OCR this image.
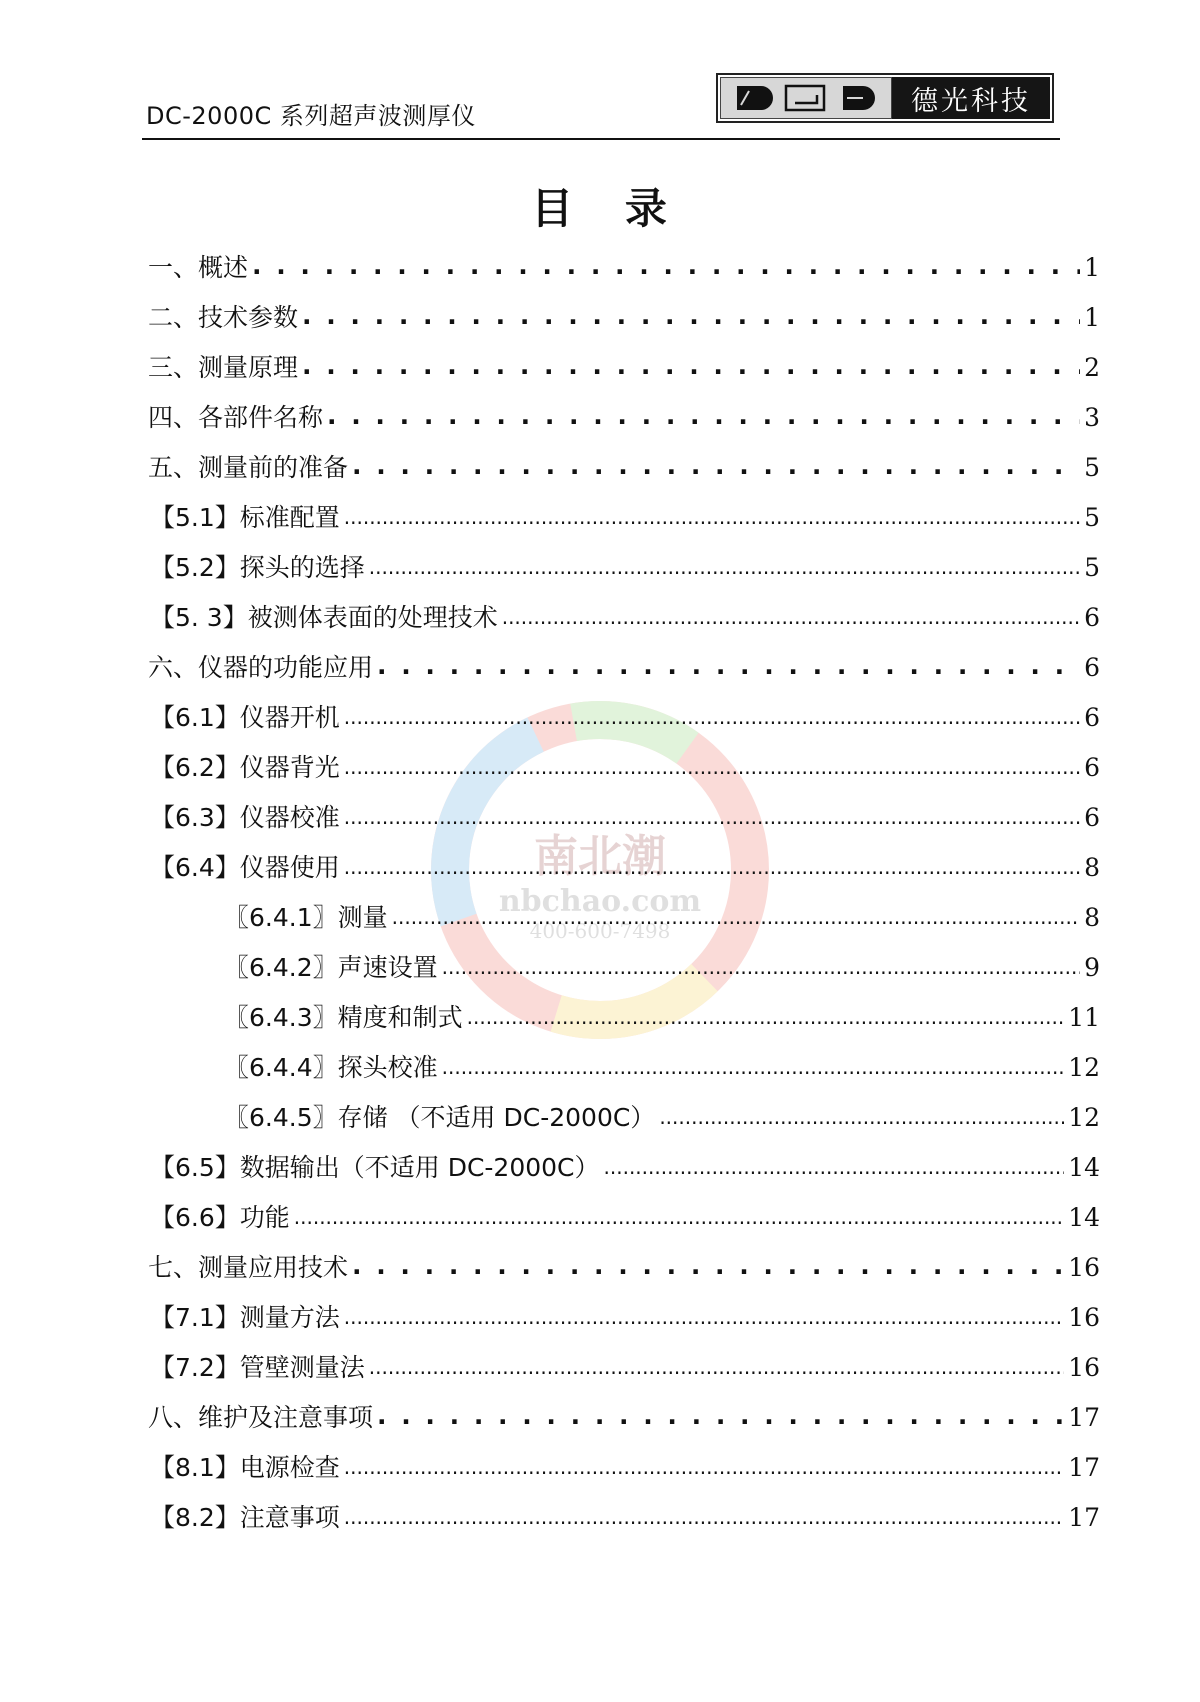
DC-2000C 系列超声波测厚仪	德光科技
目   录
南北潮
nbchao.com
400-600-7498
一、概述 . . .	1
二、技术参数 . . .	1
三、测量原理 . . .	2
四、各部件名称 . . .	3
五、测量前的准备 . . .	5
【5.1】标准配置 .....	5
【5.2】探头的选择 .....	5
【5. 3】被测体表面的处理技术 .....	6
六、仪器的功能应用 . . .	6
【6.1】仪器开机 .....	6
【6.2】仪器背光 .....	6
【6.3】仪器校准 .....	6
【6.4】仪器使用 .....	8
〖6.4.1〗测量 .....	8
〖6.4.2〗声速设置 .....	9
〖6.4.3〗精度和制式 .....	11
〖6.4.4〗探头校准 .....	12
〖6.4.5〗存储 （不适用 DC-2000C） .....	12
【6.5】数据输出（不适用 DC-2000C） .....	14
【6.6】功能 .....	14
七、测量应用技术 . . .	16
【7.1】测量方法 .....	16
【7.2】管壁测量法 .....	16
八、维护及注意事项 . . .	17
【8.1】电源检查 .....	17
【8.2】注意事项 .....	17
